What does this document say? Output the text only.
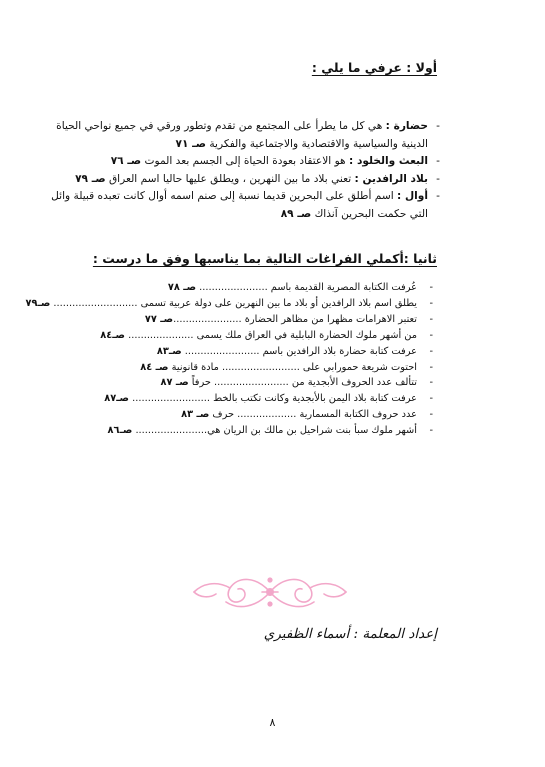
أولا : عرفي ما يلي :
- حضارة : هي كل ما يطرأ على المجتمع من تقدم وتطور ورقي في جميع نواحي الحياة الدينية والسياسية والاقتصادية والاجتماعية والفكرية صـ ٧١
- البعث والخلود : هو الاعتقاد بعودة الحياة إلى الجسم بعد الموت صـ ٧٦
- بلاد الرافدين : تعني بلاد ما بين النهرين ، ويطلق عليها حاليا اسم العراق صـ ٧٩
- أوال : اسم أطلق على البحرين قديما نسبة إلى صنم اسمه أوال كانت تعبده قبيلة وائل التي حكمت البحرين آنذاك صـ ٨٩
ثانيا :أكملي الفراغات التالية بما يناسبها وفق ما درست :
- عُرفت الكتابة المصرية القديمة باسم ...................... صـ ٧٨
- يطلق اسم بلاد الرافدين أو بلاد ما بين النهرين على دولة عربية تسمى ........................... صـ٧٩
- تعتبر الاهرامات مظهرا من مظاهر الحضارة ......................صـ ٧٧
- من أشهر ملوك الحضارة البابلية في العراق ملك يسمى ..................... صـ٨٤
- عرفت كتابة حضارة بلاد الرافدين باسم ........................ صـ٨٣
- احتوت شريعة حمورابي على ......................... مادة قانونية صـ ٨٤
- تتألف عدد الحروف الأبجدية من ........................ حرفاً صـ ٨٧
- عرفت كتابة بلاد اليمن بالأبجدية وكانت تكتب بالخط ......................... صـ٨٧
- عدد حروف الكتابة المسمارية ................... حرف صـ ٨٣
- أشهر ملوك سبأ بنت شراحيل بن مالك بن الريان هي....................... صـ٨٦
إعداد المعلمة : أسماء الظفيري
٨
